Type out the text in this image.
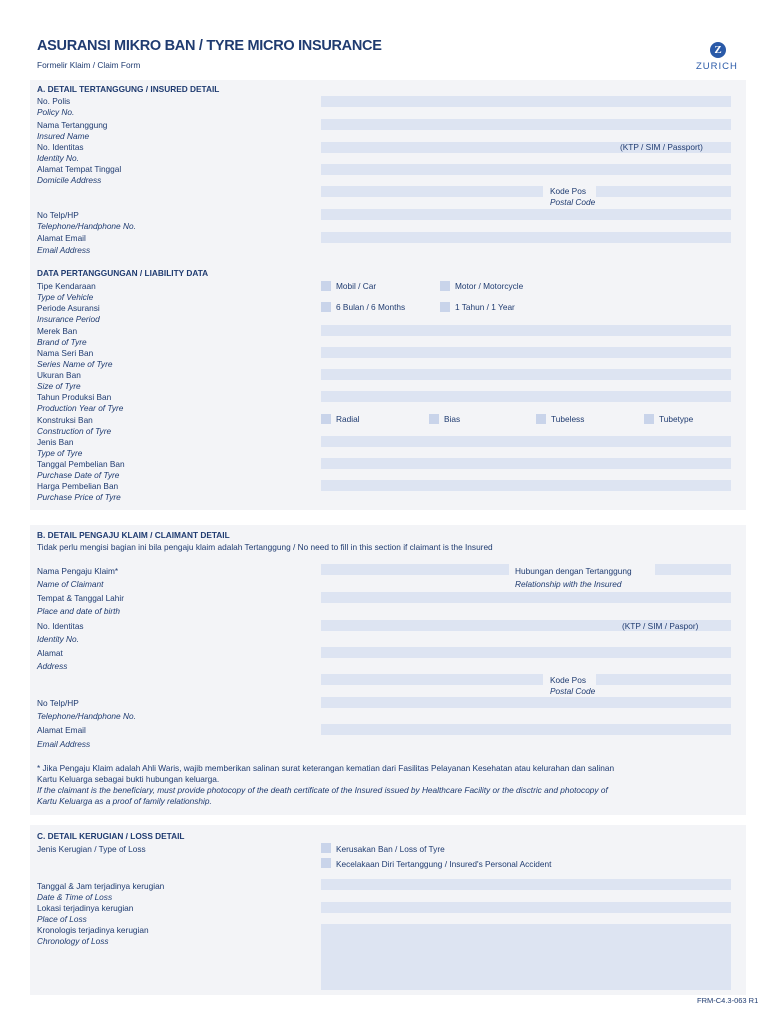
ASURANSI MIKRO BAN / TYRE MICRO INSURANCE
Formelir Klaim / Claim Form
Z
ZURICH
A. DETAIL TERTANGGUNG / INSURED DETAIL
No. Polis
Policy No.
Nama Tertanggung
Insured Name
No. Identitas
Identity No.
(KTP / SIM / Passport)
Alamat Tempat Tinggal
Domicile Address
Kode Pos
Postal Code
No Telp/HP
Telephone/Handphone No.
Alamat Email
Email Address
DATA PERTANGGUNGAN / LIABILITY DATA
Tipe Kendaraan
Type of Vehicle
Mobil / Car	Motor / Motorcycle
Periode Asuransi
Insurance Period
6 Bulan / 6 Months	1 Tahun / 1 Year
Merek Ban
Brand of Tyre
Nama Seri Ban
Series Name of Tyre
Ukuran Ban
Size of Tyre
Tahun Produksi Ban
Production Year of Tyre
Konstruksi Ban
Construction of Tyre
Radial	Bias	Tubeless	Tubetype
Jenis Ban
Type of Tyre
Tanggal Pembelian Ban
Purchase Date of Tyre
Harga Pembelian Ban
Purchase Price of Tyre
B. DETAIL PENGAJU KLAIM / CLAIMANT DETAIL
Tidak perlu mengisi bagian ini bila pengaju klaim adalah Tertanggung / No need to fill in this section if claimant is the Insured
Nama Pengaju Klaim*
Name of Claimant
Hubungan dengan Tertanggung
Relationship with the Insured
Tempat & Tanggal Lahir
Place and date of birth
No. Identitas
Identity No.
(KTP / SIM / Paspor)
Alamat
Address
Kode Pos
Postal Code
No Telp/HP
Telephone/Handphone No.
Alamat Email
Email Address
* Jika Pengaju Klaim adalah Ahli Waris, wajib memberikan salinan surat keterangan kematian dari Fasilitas Pelayanan Kesehatan atau kelurahan dan salinan
Kartu Keluarga sebagai bukti hubungan keluarga.
If the claimant is the beneficiary, must provide photocopy of the death certificate of the Insured issued by Healthcare Facility or the disctric and photocopy of
Kartu Keluarga as a proof of family relationship.
C. DETAIL KERUGIAN / LOSS DETAIL
Jenis Kerugian / Type of Loss	Kerusakan Ban / Loss of Tyre
Kecelakaan Diri Tertanggung / Insured's Personal Accident
Tanggal & Jam terjadinya kerugian
Date & Time of Loss
Lokasi terjadinya kerugian
Place of Loss
Kronologis terjadinya kerugian
Chronology of Loss
FRM-C4.3-063 R1
